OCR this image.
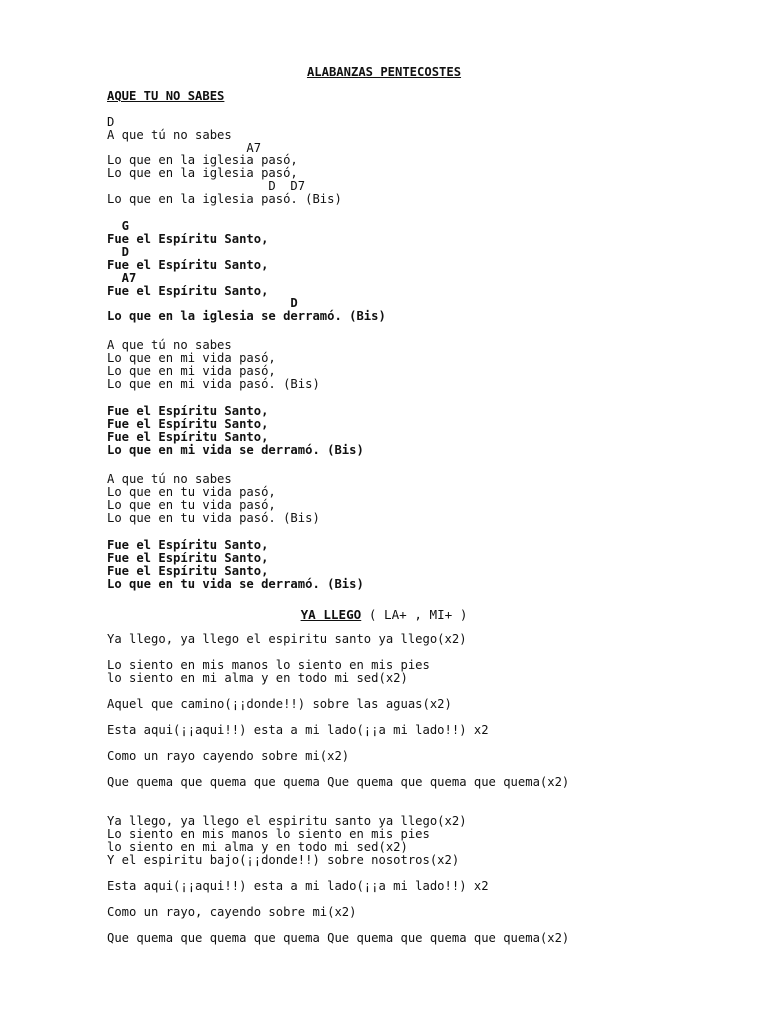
ALABANZAS PENTECOSTES
AQUE TU NO SABES
D
A que tú no sabes
A7
Lo que en la iglesia pasó,
Lo que en la iglesia pasó,
D  D7
Lo que en la iglesia pasó. (Bis)
G
Fue el Espíritu Santo,
D
Fue el Espíritu Santo,
A7
Fue el Espíritu Santo,
D
Lo que en la iglesia se derramó. (Bis)
A que tú no sabes
Lo que en mi vida pasó,
Lo que en mi vida pasó,
Lo que en mi vida pasó. (Bis)
Fue el Espíritu Santo,
Fue el Espíritu Santo,
Fue el Espíritu Santo,
Lo que en mi vida se derramó. (Bis)
A que tú no sabes
Lo que en tu vida pasó,
Lo que en tu vida pasó,
Lo que en tu vida pasó. (Bis)
Fue el Espíritu Santo,
Fue el Espíritu Santo,
Fue el Espíritu Santo,
Lo que en tu vida se derramó. (Bis)
YA LLEGO ( LA+ , MI+ )
Ya llego, ya llego el espiritu santo ya llego(x2)
Lo siento en mis manos lo siento en mis pies
lo siento en mi alma y en todo mi sed(x2)
Aquel que camino(¡¡donde!!) sobre las aguas(x2)
Esta aqui(¡¡aqui!!) esta a mi lado(¡¡a mi lado!!) x2
Como un rayo cayendo sobre mi(x2)
Que quema que quema que quema Que quema que quema que quema(x2)
Ya llego, ya llego el espiritu santo ya llego(x2)
Lo siento en mis manos lo siento en mis pies
lo siento en mi alma y en todo mi sed(x2)
Y el espiritu bajo(¡¡donde!!) sobre nosotros(x2)
Esta aqui(¡¡aqui!!) esta a mi lado(¡¡a mi lado!!) x2
Como un rayo, cayendo sobre mi(x2)
Que quema que quema que quema Que quema que quema que quema(x2)
